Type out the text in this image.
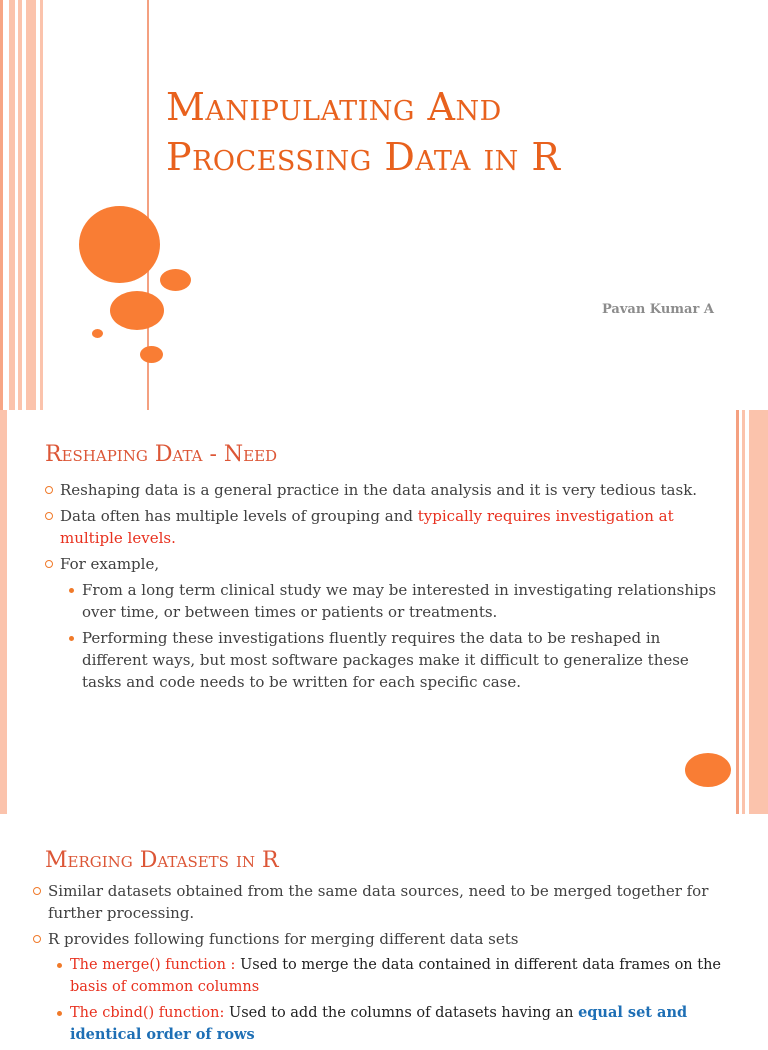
Manipulating And
Processing Data in R
Pavan Kumar A
Reshaping Data - Need
Reshaping data is a general practice in the data analysis and it is very tedious task.
Data often has multiple levels of grouping and typically requires investigation at multiple levels.
For example,
From a long term clinical study we may be interested in investigating relationships over time, or between times or patients or treatments.
Performing these investigations fluently requires the data to be reshaped in different ways, but most software packages make it difficult to generalize these tasks and code needs to be written for each specific case.
Merging Datasets in R
Similar datasets obtained from the same data sources, need to be merged together for further processing.
R provides following functions for merging different data sets
The merge() function : Used to merge the data contained in different data frames on the basis of common columns
The cbind() function: Used to add the columns of datasets having an equal set and identical order of rows
